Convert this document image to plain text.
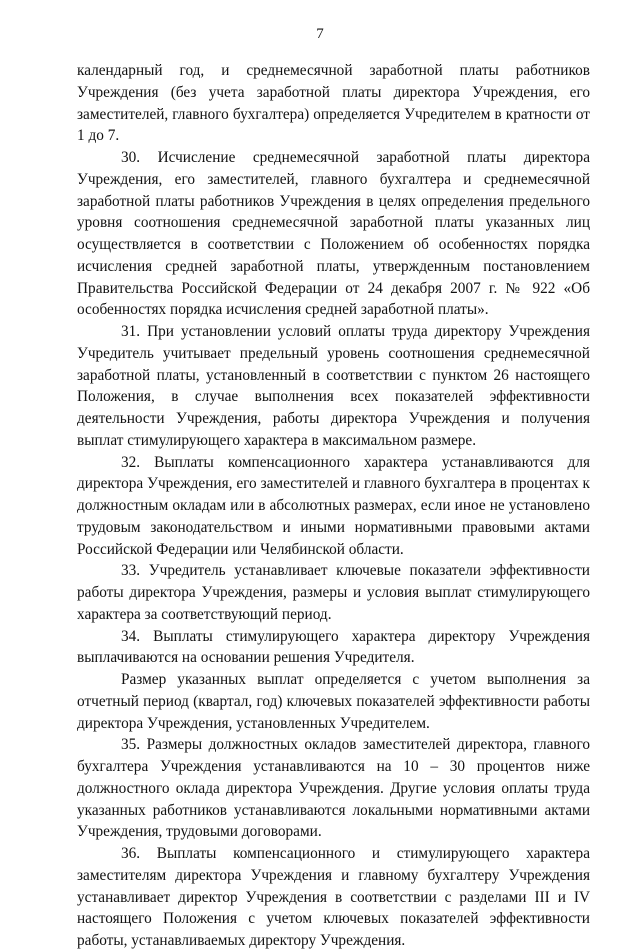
7

календарный год, и среднемесячной заработной платы работников Учреждения (без учета заработной платы директора Учреждения, его заместителей, главного бухгалтера) определяется Учредителем в кратности от 1 до 7.

30. Исчисление среднемесячной заработной платы директора Учреждения, его заместителей, главного бухгалтера и среднемесячной заработной платы работников Учреждения в целях определения предельного уровня соотношения среднемесячной заработной платы указанных лиц осуществляется в соответствии с Положением об особенностях порядка исчисления средней заработной платы, утвержденным постановлением Правительства Российской Федерации от 24 декабря 2007 г. № 922 «Об особенностях порядка исчисления средней заработной платы».

31. При установлении условий оплаты труда директору Учреждения Учредитель учитывает предельный уровень соотношения среднемесячной заработной платы, установленный в соответствии с пунктом 26 настоящего Положения, в случае выполнения всех показателей эффективности деятельности Учреждения, работы директора Учреждения и получения выплат стимулирующего характера в максимальном размере.

32. Выплаты компенсационного характера устанавливаются для директора Учреждения, его заместителей и главного бухгалтера в процентах к должностным окладам или в абсолютных размерах, если иное не установлено трудовым законодательством и иными нормативными правовыми актами Российской Федерации или Челябинской области.

33. Учредитель устанавливает ключевые показатели эффективности работы директора Учреждения, размеры и условия выплат стимулирующего характера за соответствующий период.

34. Выплаты стимулирующего характера директору Учреждения выплачиваются на основании решения Учредителя.

Размер указанных выплат определяется с учетом выполнения за отчетный период (квартал, год) ключевых показателей эффективности работы директора Учреждения, установленных Учредителем.

35. Размеры должностных окладов заместителей директора, главного бухгалтера Учреждения устанавливаются на 10 – 30 процентов ниже должностного оклада директора Учреждения. Другие условия оплаты труда указанных работников устанавливаются локальными нормативными актами Учреждения, трудовыми договорами.

36. Выплаты компенсационного и стимулирующего характера заместителям директора Учреждения и главному бухгалтеру Учреждения устанавливает директор Учреждения в соответствии с разделами III и IV настоящего Положения с учетом ключевых показателей эффективности работы, устанавливаемых директору Учреждения.
